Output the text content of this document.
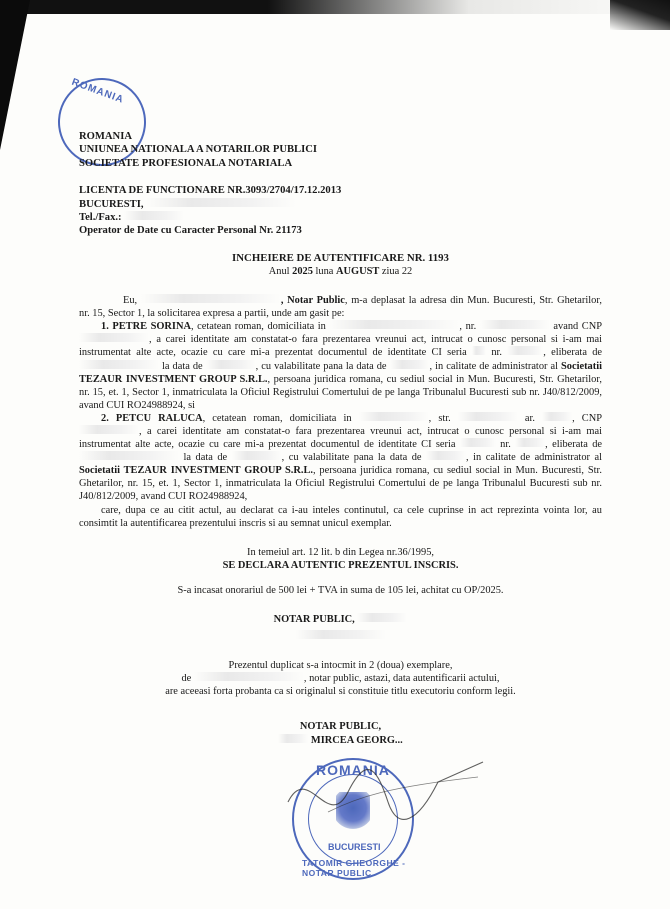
ROMANIA
ROMANIA
UNIUNEA NATIONALA A NOTARILOR PUBLICI
SOCIETATE PROFESIONALA NOTARIALA
LICENTA DE FUNCTIONARE NR.3093/2704/17.12.2013
BUCURESTI,
Tel./Fax.:
Operator de Date cu Caracter Personal Nr. 21173
INCHEIERE DE AUTENTIFICARE NR. 1193
Anul 2025 luna AUGUST ziua 22

Eu,	, Notar Public, m-a deplasat la adresa din Mun. Bucuresti, Str. Ghetarilor, nr. 15, Sector 1, la solicitarea expresa a partii, unde am gasit pe:

1. PETRE SORINA, cetatean roman, domiciliata in	, nr.	avand CNP , a carei identitate am constatat-o fara prezentarea vreunui act, intrucat o cunosc personal si i-am mai instrumentat alte acte, ocazie cu care mi-a prezentat documentul de identitate CI seria  nr.	, eliberata de  la data de	, cu valabilitate pana la data de	, in calitate de administrator al Societatii TEZAUR INVESTMENT GROUP S.R.L., persoana juridica romana, cu sediul social in Mun. Bucuresti, Str. Ghetarilor, nr. 15, et. 1, Sector 1, inmatriculata la Oficiul Registrului Comertului de pe langa Tribunalul Bucuresti sub nr. J40/812/2009, avand CUI RO24988924, si

2. PETCU RALUCA, cetatean roman, domiciliata in	, str.	ar.	, CNP , a carei identitate am constatat-o fara prezentarea vreunui act, intrucat o cunosc personal si i-am mai instrumentat alte acte, ocazie cu care mi-a prezentat documentul de identitate CI seria	nr.	, eliberata de  la data de	, cu valabilitate pana la data de	, in calitate de administrator al Societatii TEZAUR INVESTMENT GROUP S.R.L., persoana juridica romana, cu sediul social in Mun. Bucuresti, Str. Ghetarilor, nr. 15, et. 1, Sector 1, inmatriculata la Oficiul Registrului Comertului de pe langa Tribunalul Bucuresti sub nr. J40/812/2009, avand CUI RO24988924,

care, dupa ce au citit actul, au declarat ca i-au inteles continutul, ca cele cuprinse in act reprezinta vointa lor, au consimtit la autentificarea prezentului inscris si au semnat unicul exemplar.

In temeiul art. 12 lit. b din Legea nr.36/1995,
SE DECLARA AUTENTIC PREZENTUL INSCRIS.
S-a incasat onorariul de 500 lei + TVA in suma de 105 lei, achitat cu OP/2025.
NOTAR PUBLIC,
Prezentul duplicat s-a intocmit in 2 (doua) exemplare,
de	, notar public, astazi, data autentificarii actului,
are aceeasi forta probanta ca si originalul si constituie titlu executoriu conform legii.
NOTAR PUBLIC,
MIRCEA GEORG...
ROMANIA
BUCURESTI
TATOMIR GHEORGHE - NOTAR PUBLIC
